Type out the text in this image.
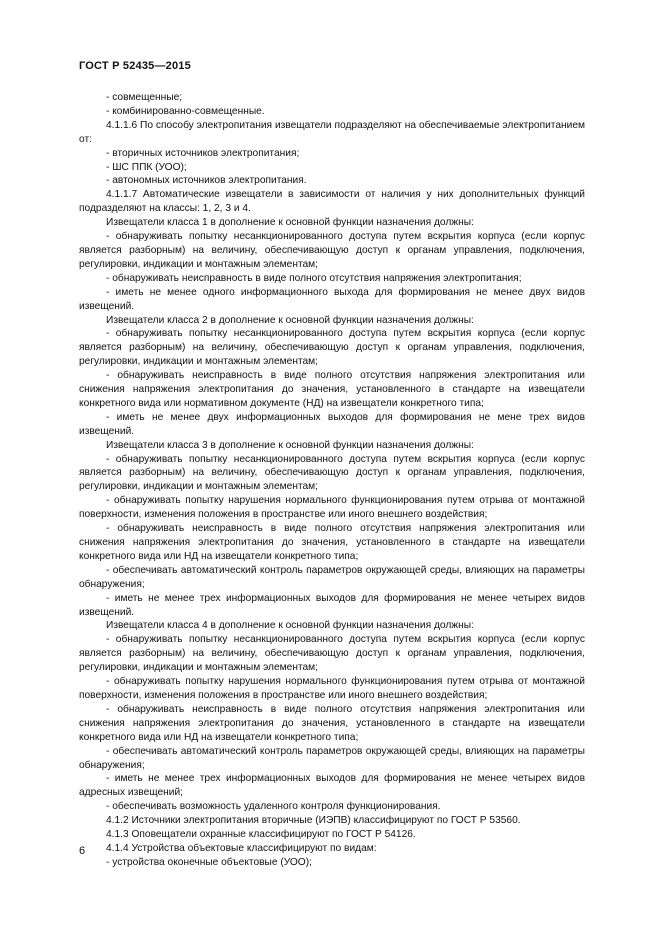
ГОСТ Р 52435—2015

- совмещенные;

- комбинированно-совмещенные.

4.1.1.6 По способу электропитания извещатели подразделяют на обеспечиваемые электропитанием от:

- вторичных источников электропитания;

- ШС ППК (УОО);

- автономных источников электропитания.

4.1.1.7 Автоматические извещатели в зависимости от наличия у них дополнительных функций подразделяют на классы: 1, 2, 3 и 4.

Извещатели класса 1 в дополнение к основной функции назначения должны:

- обнаруживать попытку несанкционированного доступа путем вскрытия корпуса (если корпус является разборным) на величину, обеспечивающую доступ к органам управления, подключения, регулировки, индикации и монтажным элементам;

- обнаруживать неисправность в виде полного отсутствия напряжения электропитания;

- иметь не менее одного информационного выхода для формирования не менее двух видов извещений.

Извещатели класса 2 в дополнение к основной функции назначения должны:

- обнаруживать попытку несанкционированного доступа путем вскрытия корпуса (если корпус является разборным) на величину, обеспечивающую доступ к органам управления, подключения, регулировки, индикации и монтажным элементам;

- обнаруживать неисправность в виде полного отсутствия напряжения электропитания или снижения напряжения электропитания до значения, установленного в стандарте на извещатели конкретного вида или нормативном документе (НД) на извещатели конкретного типа;

- иметь не менее двух информационных выходов для формирования не мене трех видов извещений.

Извещатели класса 3 в дополнение к основной функции назначения должны:

- обнаруживать попытку несанкционированного доступа путем вскрытия корпуса (если корпус является разборным) на величину, обеспечивающую доступ к органам управления, подключения, регулировки, индикации и монтажным элементам;

- обнаруживать попытку нарушения нормального функционирования путем отрыва от монтажной поверхности, изменения положения в пространстве или иного внешнего воздействия;

- обнаруживать неисправность в виде полного отсутствия напряжения электропитания или снижения напряжения электропитания до значения, установленного в стандарте на извещатели конкретного вида или НД на извещатели конкретного типа;

- обеспечивать автоматический контроль параметров окружающей среды, влияющих на параметры обнаружения;

- иметь не менее трех информационных выходов для формирования не менее четырех видов извещений.

Извещатели класса 4 в дополнение к основной функции назначения должны:

- обнаруживать попытку несанкционированного доступа путем вскрытия корпуса (если корпус является разборным) на величину, обеспечивающую доступ к органам управления, подключения, регулировки, индикации и монтажным элементам;

- обнаруживать попытку нарушения нормального функционирования путем отрыва от монтажной поверхности, изменения положения в пространстве или иного внешнего воздействия;

- обнаруживать неисправность в виде полного отсутствия напряжения электропитания или снижения напряжения электропитания до значения, установленного в стандарте на извещатели конкретного вида или НД на извещатели конкретного типа;

- обеспечивать автоматический контроль параметров окружающей среды, влияющих на параметры обнаружения;

- иметь не менее трех информационных выходов для формирования не менее четырех видов адресных извещений;

- обеспечивать возможность удаленного контроля функционирования.

4.1.2 Источники электропитания вторичные (ИЭПВ) классифицируют по ГОСТ Р 53560.

4.1.3 Оповещатели охранные классифицируют по ГОСТ Р 54126.

4.1.4 Устройства объектовые классифицируют по видам:

- устройства оконечные объектовые (УОО);

6
